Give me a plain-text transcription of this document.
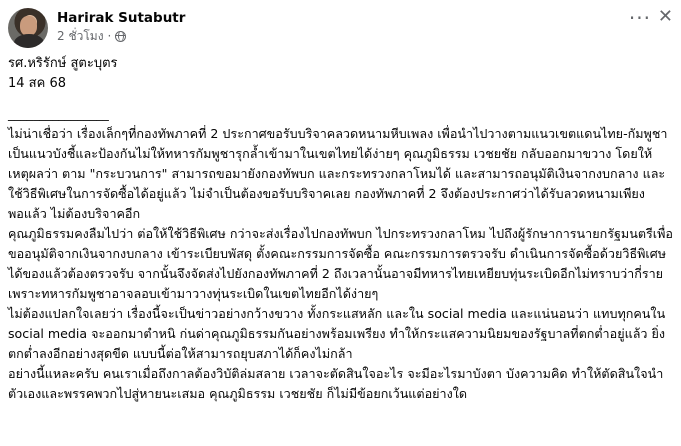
Harirak Sutabutr
2 ชั่วโมง ·
··· ✕

รศ.หริรักษ์ สูตะบุตร

14 สค 68

________________

ไม่น่าเชื่อว่า เรื่องเล็กๆที่กองทัพภาคที่ 2 ประกาศขอรับบริจาคลวดหนามหีบเพลง เพื่อนำไปวางตามแนวเขตแดนไทย-กัมพูชา เป็นแนวบังชี้และป้องกันไม่ให้ทหารกัมพูชารุกล้ำเข้ามาในเขตไทยได้ง่ายๆ คุณภูมิธรรม เวชยชัย กลับออกมาขวาง โดยให้เหตุผลว่า ตาม "กระบวนการ" สามารถขอมายังกองทัพบก และกระทรวงกลาโหมได้ และสามารถอนุมัติเงินจากงบกลาง และใช้วิธีพิเศษในการจัดซื้อได้อยู่แล้ว ไม่จำเป็นต้องขอรับบริจาคเลย กองทัพภาคที่ 2 จึงต้องประกาศว่าได้รับลวดหนามเพียงพอแล้ว ไม่ต้องบริจาคอีก

คุณภูมิธรรมคงลืมไปว่า ต่อให้ใช้วิธีพิเศษ กว่าจะส่งเรื่องไปกองทัพบก ไปกระทรวงกลาโหม ไปถึงผู้รักษาการนายกรัฐมนตรีเพื่อขออนุมัติจากเงินจากงบกลาง เข้าระเบียบพัสดุ ตั้งคณะกรรมการจัดซื้อ คณะกรรมการตรวจรับ ดำเนินการจัดซื้อด้วยวิธีพิเศษ ได้ของแล้วต้องตรวจรับ จากนั้นจึงจัดส่งไปยังกองทัพภาคที่ 2 ถึงเวลานั้นอาจมีทหารไทยเหยียบทุ่นระเบิดอีกไม่ทราบว่ากี่ราย เพราะทหารกัมพูชาอาจลอบเข้ามาวางทุ่นระเบิดในเขตไทยอีกได้ง่ายๆ

ไม่ต้องแปลกใจเลยว่า เรื่องนี้จะเป็นข่าวอย่างกว้างขวาง ทั้งกระแสหลัก และใน social media และแน่นอนว่า แทบทุกคนใน social media จะออกมาตำหนิ ก่นด่าคุณภูมิธรรมกันอย่างพร้อมเพรียง ทำให้กระแสความนิยมของรัฐบาลที่ตกต่ำอยู่แล้ว ยิ่งตกต่ำลงอีกอย่างสุดขีด แบบนี้ต่อให้สามารถยุบสภาได้ก็คงไม่กล้า

อย่างนี้แหละครับ คนเราเมื่อถึงกาลต้องวิบัติล่มสลาย เวลาจะตัดสินใจอะไร จะมีอะไรมาบังตา บังความคิด ทำให้ตัดสินใจนำตัวเองและพรรคพวกไปสู่หายนะเสมอ คุณภูมิธรรม เวชยชัย ก็ไม่มีข้อยกเว้นแต่อย่างใด
